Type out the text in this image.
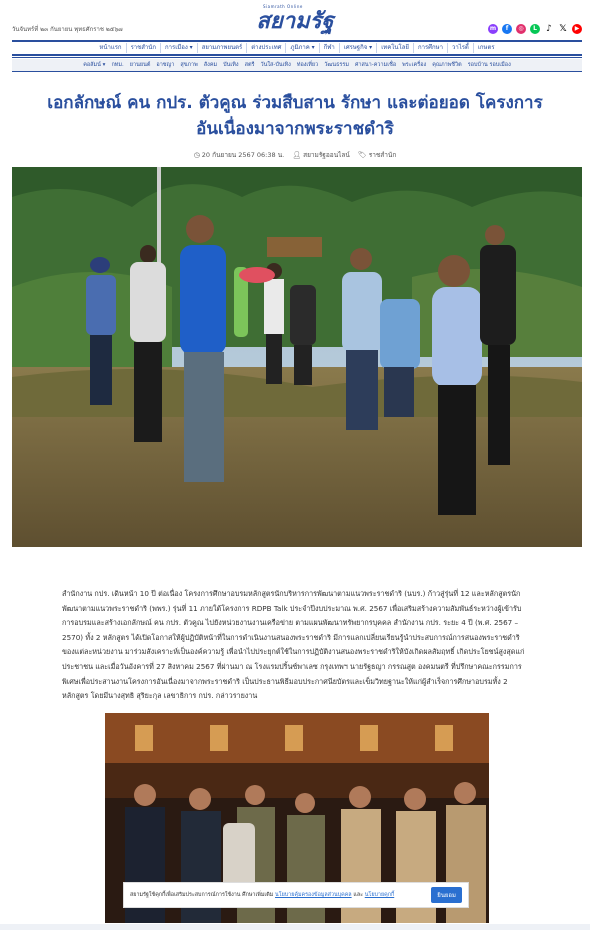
วันจันทร์ที่ ๒๓ กันยายน พุทธศักราช ๒๕๖๗
Siamrath Online
สยามรัฐ	m	f	◎	L	♪ 𝕏	▶
หน้าแรก	ราชสำนัก	การเมือง ▾	สยามภาพยนตร์	ต่างประเทศ	ภูมิภาค ▾	กีฬา	เศรษฐกิจ ▾	เทคโนโลยี	การศึกษา	วาไรตี้	เกษตร
คอลัมน์ ▾	กทม.	ยานยนต์	อาชญา	สุขภาพ	สังคม	บันเทิง	สตรี	วันใส-บันเทิง	ท่องเที่ยว	วัฒนธรรม	ศาสนา-ความเชื่อ	พระเครื่อง	คุณภาพชีวิต	รอบบ้าน รอบเมือง
เอกลักษณ์ คน กปร. ตัวคูณ ร่วมสืบสาน รักษา และต่อยอด โครงการอันเนื่องมาจากพระราชดำริ
◷ 20 กันยายน 2567 06:38 น. 👤︎ สยามรัฐออนไลน์ 🏷︎ ราชสำนัก

สำนักงาน กปร. เดินหน้า 10 ปี ต่อเนื่อง โครงการศึกษาอบรมหลักสูตรนักบริหารการพัฒนาตามแนวพระราชดำริ (นบร.) ก้าวสู่รุ่นที่ 12 และหลักสูตรนักพัฒนาตามแนวพระราชดำริ (พพร.) รุ่นที่ 11 ภายใต้โครงการ RDPB Talk ประจำปีงบประมาณ พ.ศ. 2567 เพื่อเสริมสร้างความสัมพันธ์ระหว่างผู้เข้ารับการอบรมและสร้างเอกลักษณ์ คน กปร. ตัวคูณ ไปยังหน่วยงานงานเครือข่าย ตามแผนพัฒนาทรัพยากรบุคคล สำนักงาน กปร. ระยะ 4 ปี (พ.ศ. 2567 – 2570) ทั้ง 2 หลักสูตร ได้เปิดโอกาสให้ผู้ปฏิบัติหน้าที่ในการดำเนินงานสนองพระราชดำริ มีการแลกเปลี่ยนเรียนรู้นำประสบการณ์การสนองพระราชดำริของแต่ละหน่วยงาน มาร่วมสังเคราะห์เป็นองค์ความรู้ เพื่อนำไปประยุกต์ใช้ในการปฏิบัติงานสนองพระราชดำริให้บังเกิดผลสัมฤทธิ์ เกิดประโยชน์สูงสุดแก่ประชาชน และเมื่อวันอังคารที่ 27 สิงหาคม 2567 ที่ผ่านมา ณ โรงแรมปริ้นซ์พาเลซ กรุงเทพฯ นายรัฐธญา กรรณสูต องคมนตรี ที่ปรึกษาคณะกรรมการพิเศษเพื่อประสานงานโครงการอันเนื่องมาจากพระราชดำริ เป็นประธานพิธีมอบประกาศนียบัตรและเข็มวิทยฐานะให้แก่ผู้สำเร็จการศึกษาอบรมทั้ง 2 หลักสูตร โดยมีนางสุทธิ สุริยะกุล เลขาธิการ กปร. กล่าวรายงาน

สยามรัฐใช้คุกกี้เพื่อเสริมประสบการณ์การใช้งาน ศึกษาเพิ่มเติม นโยบายคุ้มครองข้อมูลส่วนบุคคล และ นโยบายคุกกี้	ยินยอม
